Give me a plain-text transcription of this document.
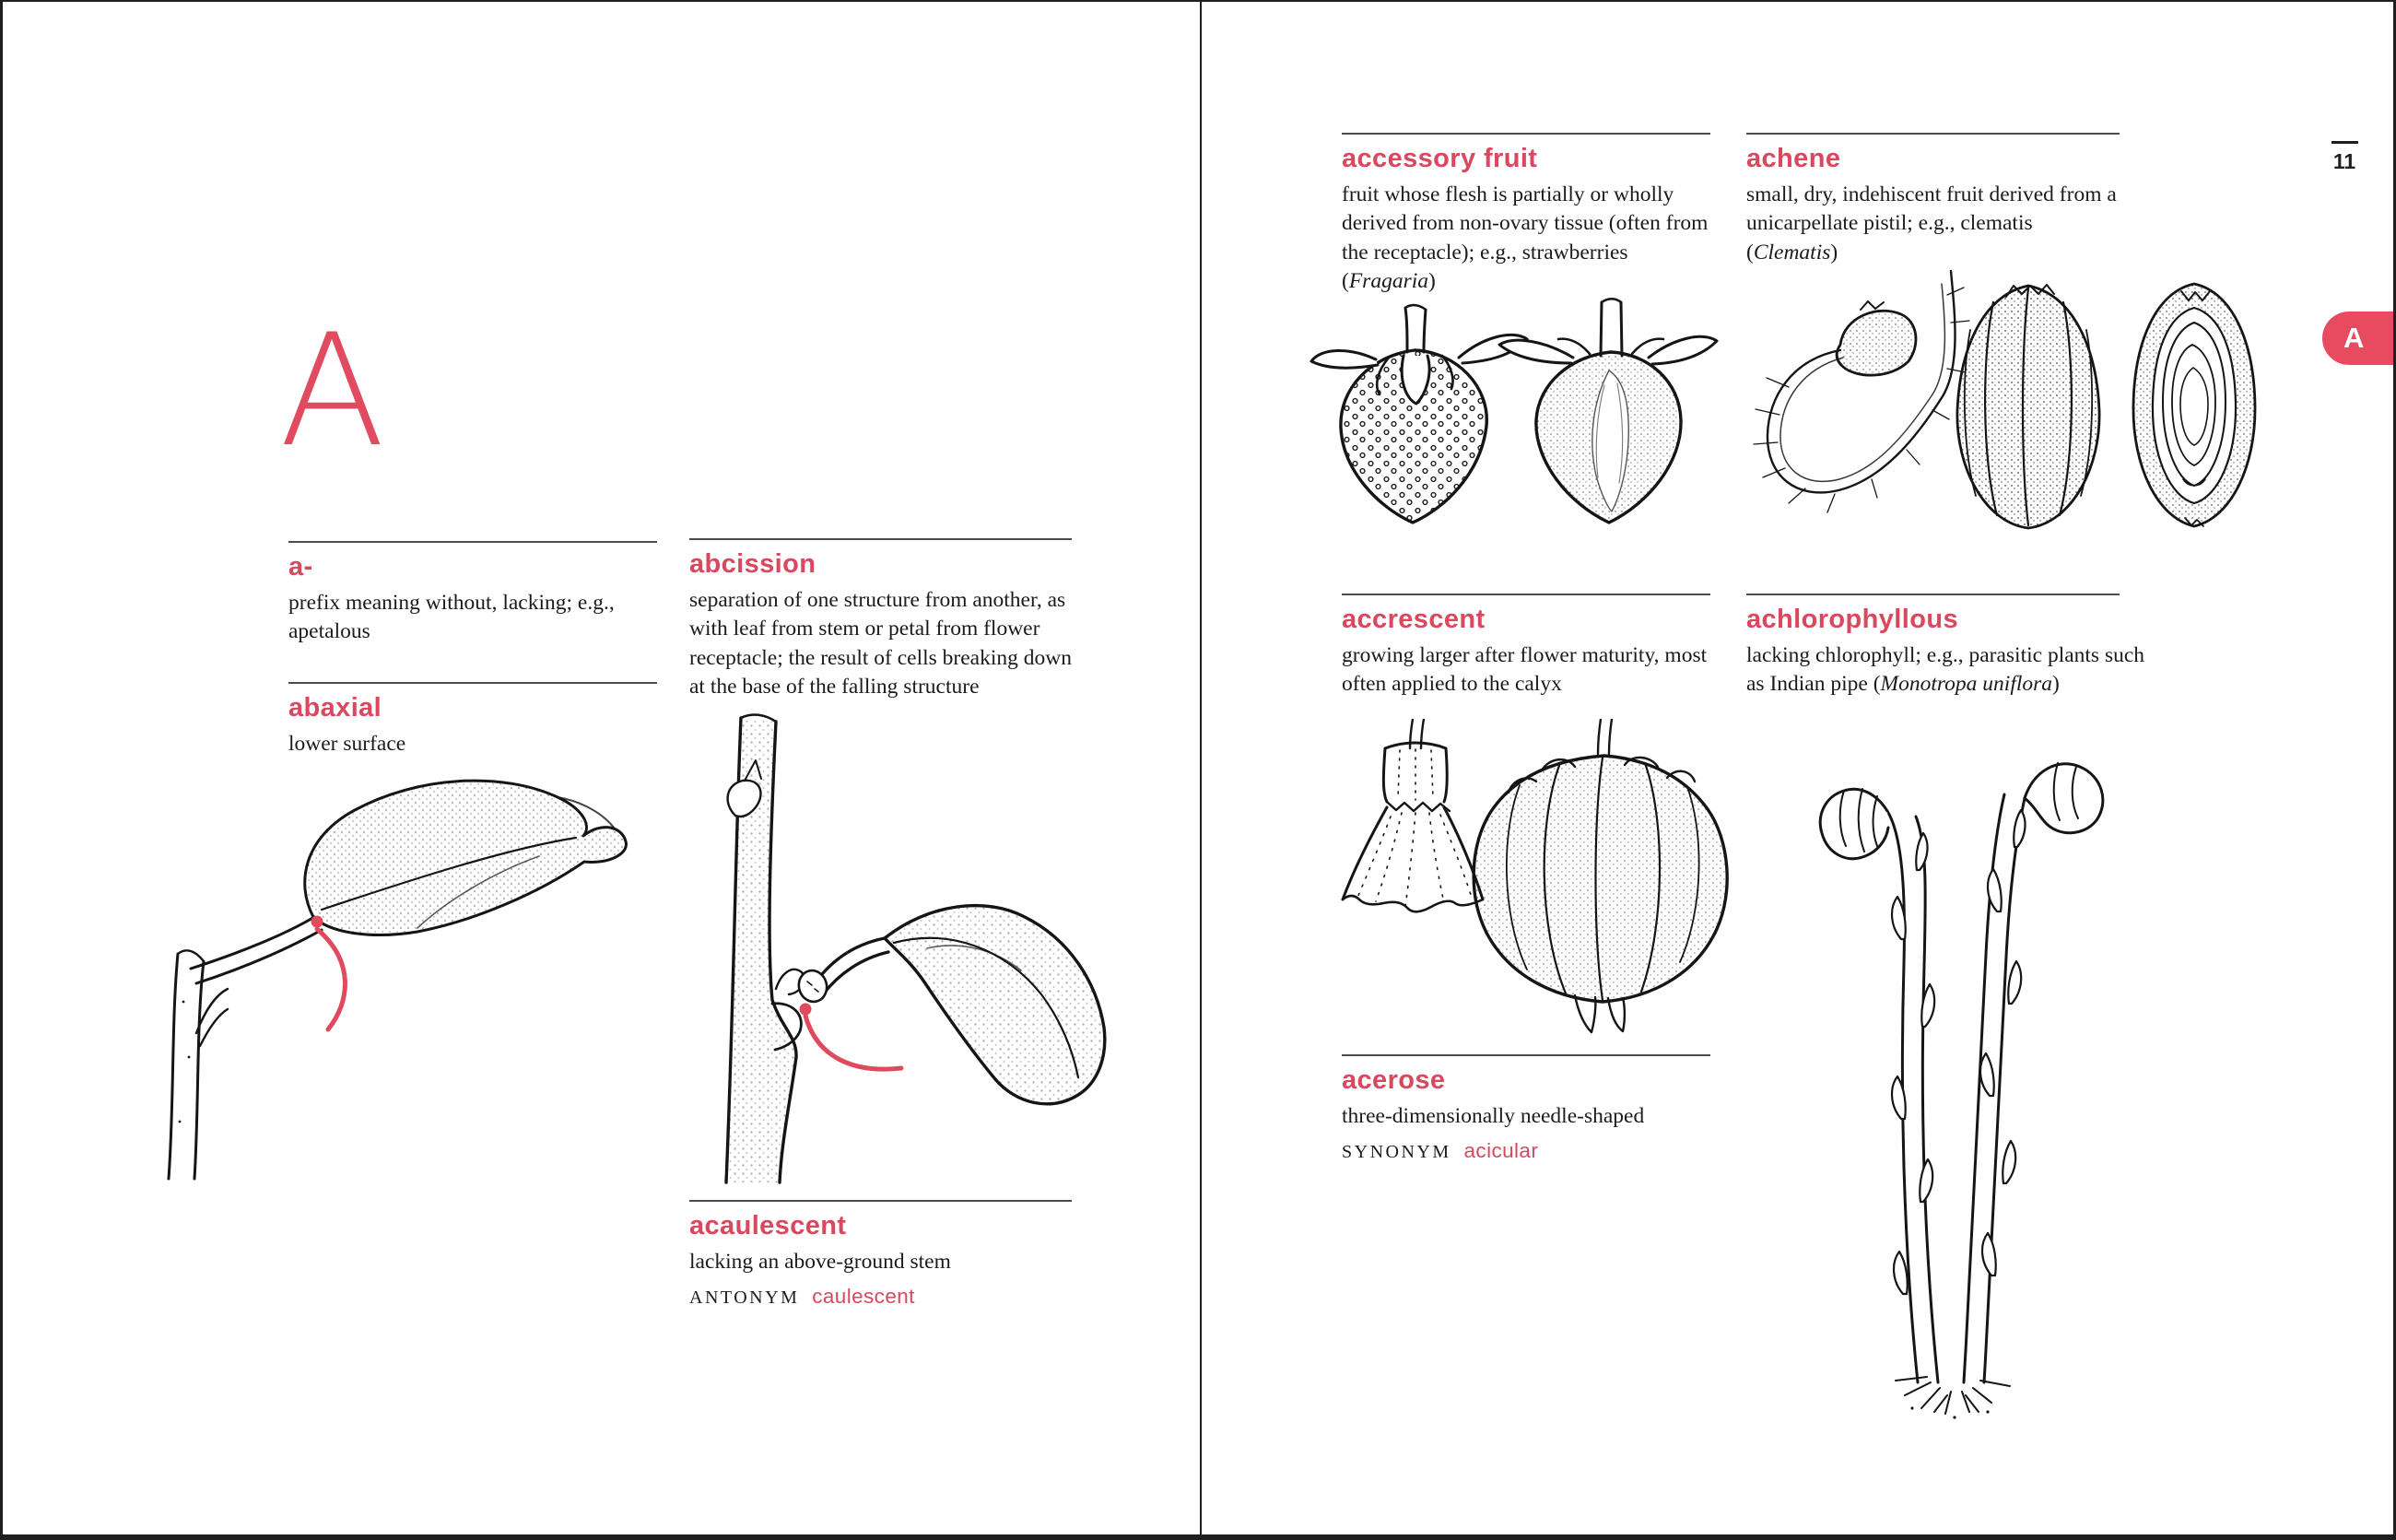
A
a-

prefix meaning without, lacking; e.g., apetalous

abaxial

lower surface

abcission

separation of one structure from another, as with leaf from stem or petal from flower receptacle; the result of cells breaking down at the base of the falling structure

acaulescent

lacking an above-ground stem

ANTONYM caulescent
accessory fruit

fruit whose flesh is partially or wholly derived from non-ovary tissue (often from the receptacle); e.g., strawberries (Fragaria)

achene

small, dry, indehiscent fruit derived from a unicarpellate pistil; e.g., clematis (Clematis)

accrescent

growing larger after flower maturity, most often applied to the calyx

achlorophyllous

lacking chlorophyll; e.g., parasitic plants such as Indian pipe (Monotropa uniflora)

acerose

three-dimensionally needle-shaped

SYNONYM acicular
11
A
